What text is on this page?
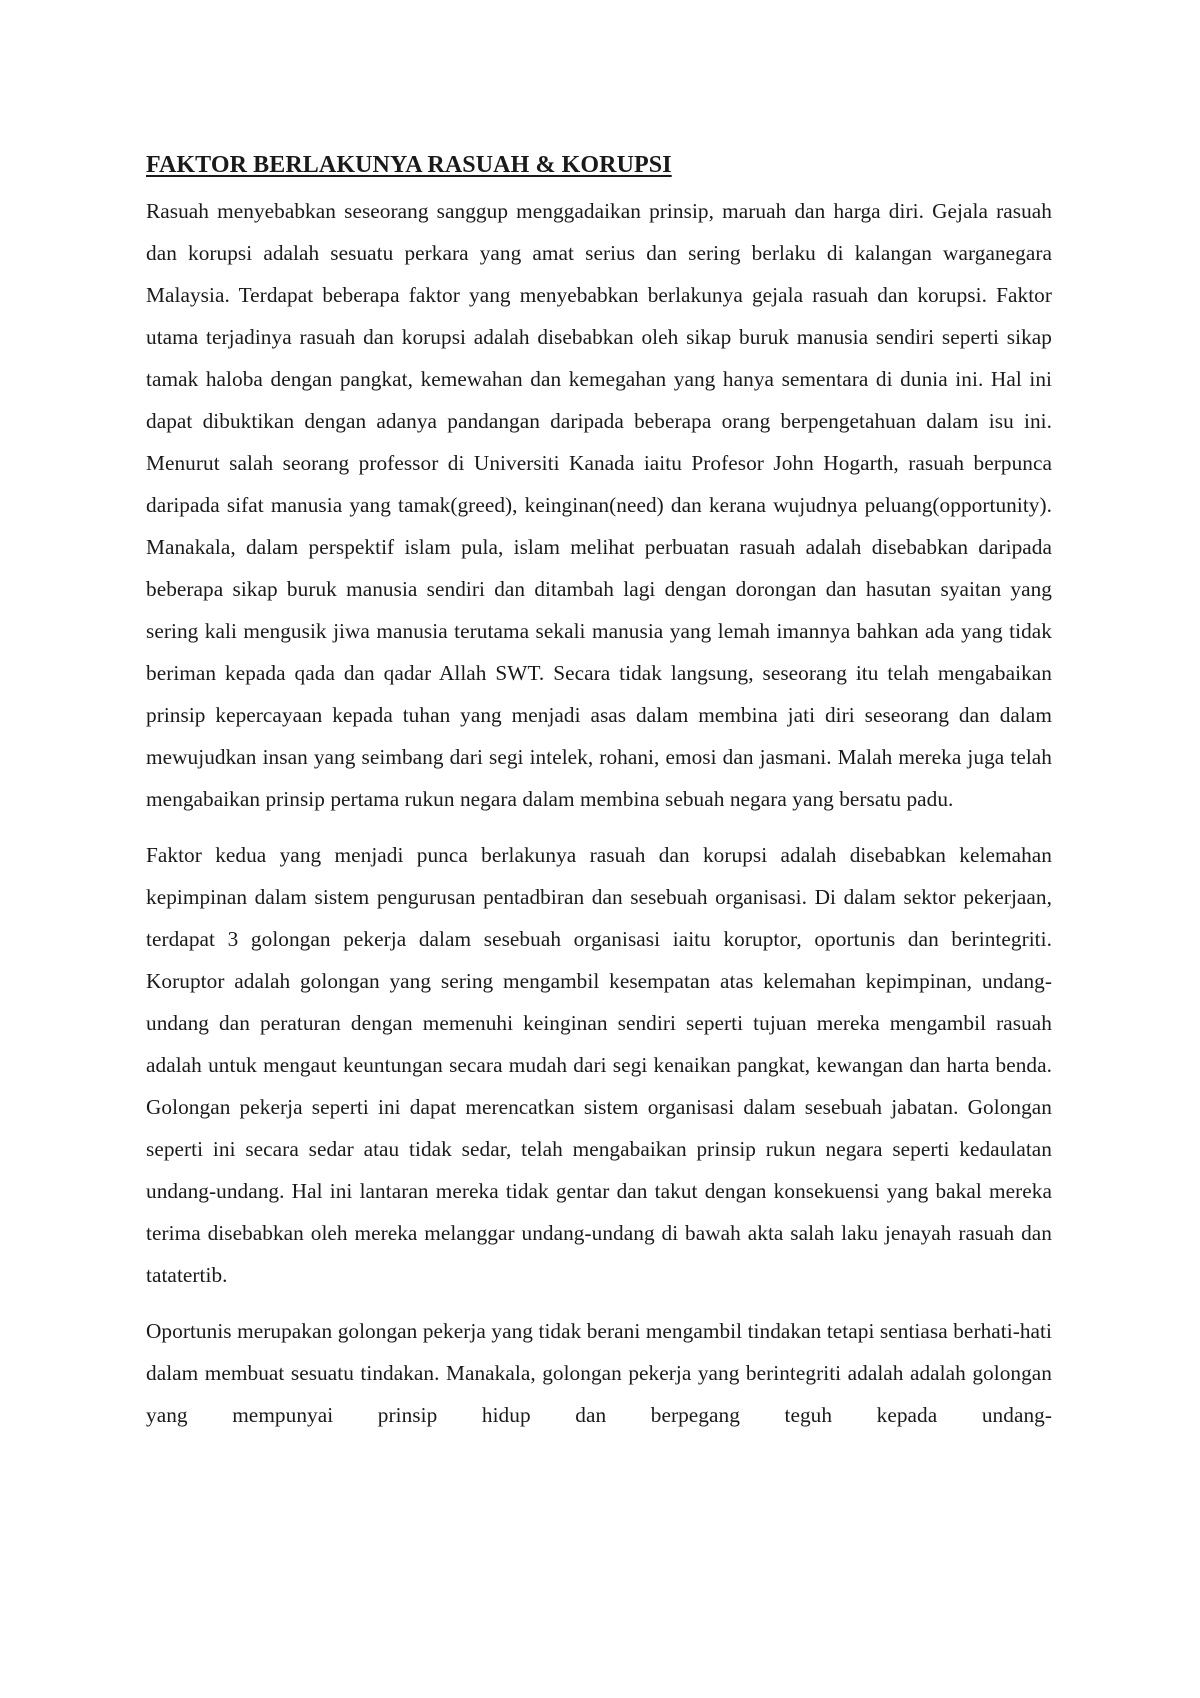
FAKTOR BERLAKUNYA RASUAH & KORUPSI

Rasuah menyebabkan seseorang sanggup menggadaikan prinsip, maruah dan harga diri. Gejala rasuah dan korupsi adalah sesuatu perkara yang amat serius dan sering berlaku di kalangan warganegara Malaysia. Terdapat beberapa faktor yang menyebabkan berlakunya gejala rasuah dan korupsi. Faktor utama terjadinya rasuah dan korupsi adalah disebabkan oleh sikap buruk manusia sendiri seperti sikap tamak haloba dengan pangkat, kemewahan dan kemegahan yang hanya sementara di dunia ini. Hal ini dapat dibuktikan dengan adanya pandangan daripada beberapa orang berpengetahuan dalam isu ini. Menurut salah seorang professor di Universiti Kanada iaitu Profesor John Hogarth, rasuah berpunca daripada sifat manusia yang tamak(greed), keinginan(need) dan kerana wujudnya peluang(opportunity). Manakala, dalam perspektif islam pula, islam melihat perbuatan rasuah adalah disebabkan daripada beberapa sikap buruk manusia sendiri dan ditambah lagi dengan dorongan dan hasutan syaitan yang sering kali mengusik jiwa manusia terutama sekali manusia yang lemah imannya bahkan ada yang tidak beriman kepada qada dan qadar Allah SWT. Secara tidak langsung, seseorang itu telah mengabaikan prinsip kepercayaan kepada tuhan yang menjadi asas dalam membina jati diri seseorang dan dalam mewujudkan insan yang seimbang dari segi intelek, rohani, emosi dan jasmani. Malah mereka juga telah mengabaikan prinsip pertama rukun negara dalam membina sebuah negara yang bersatu padu.

Faktor kedua yang menjadi punca berlakunya rasuah dan korupsi adalah disebabkan kelemahan kepimpinan dalam sistem pengurusan pentadbiran dan sesebuah organisasi. Di dalam sektor pekerjaan, terdapat 3 golongan pekerja dalam sesebuah organisasi iaitu koruptor, oportunis dan berintegriti. Koruptor adalah golongan yang sering mengambil kesempatan atas kelemahan kepimpinan, undang-undang dan peraturan dengan memenuhi keinginan sendiri seperti tujuan mereka mengambil rasuah adalah untuk mengaut keuntungan secara mudah dari segi kenaikan pangkat, kewangan dan harta benda. Golongan pekerja seperti ini dapat merencatkan sistem organisasi dalam sesebuah jabatan. Golongan seperti ini secara sedar atau tidak sedar, telah mengabaikan prinsip rukun negara seperti kedaulatan undang-undang. Hal ini lantaran mereka tidak gentar dan takut dengan konsekuensi yang bakal mereka terima disebabkan oleh mereka melanggar undang-undang di bawah akta salah laku jenayah rasuah dan tatatertib.

Oportunis merupakan golongan pekerja yang tidak berani mengambil tindakan tetapi sentiasa berhati-hati dalam membuat sesuatu tindakan. Manakala, golongan pekerja yang berintegriti adalah adalah golongan yang mempunyai prinsip hidup dan berpegang teguh kepada undang-
